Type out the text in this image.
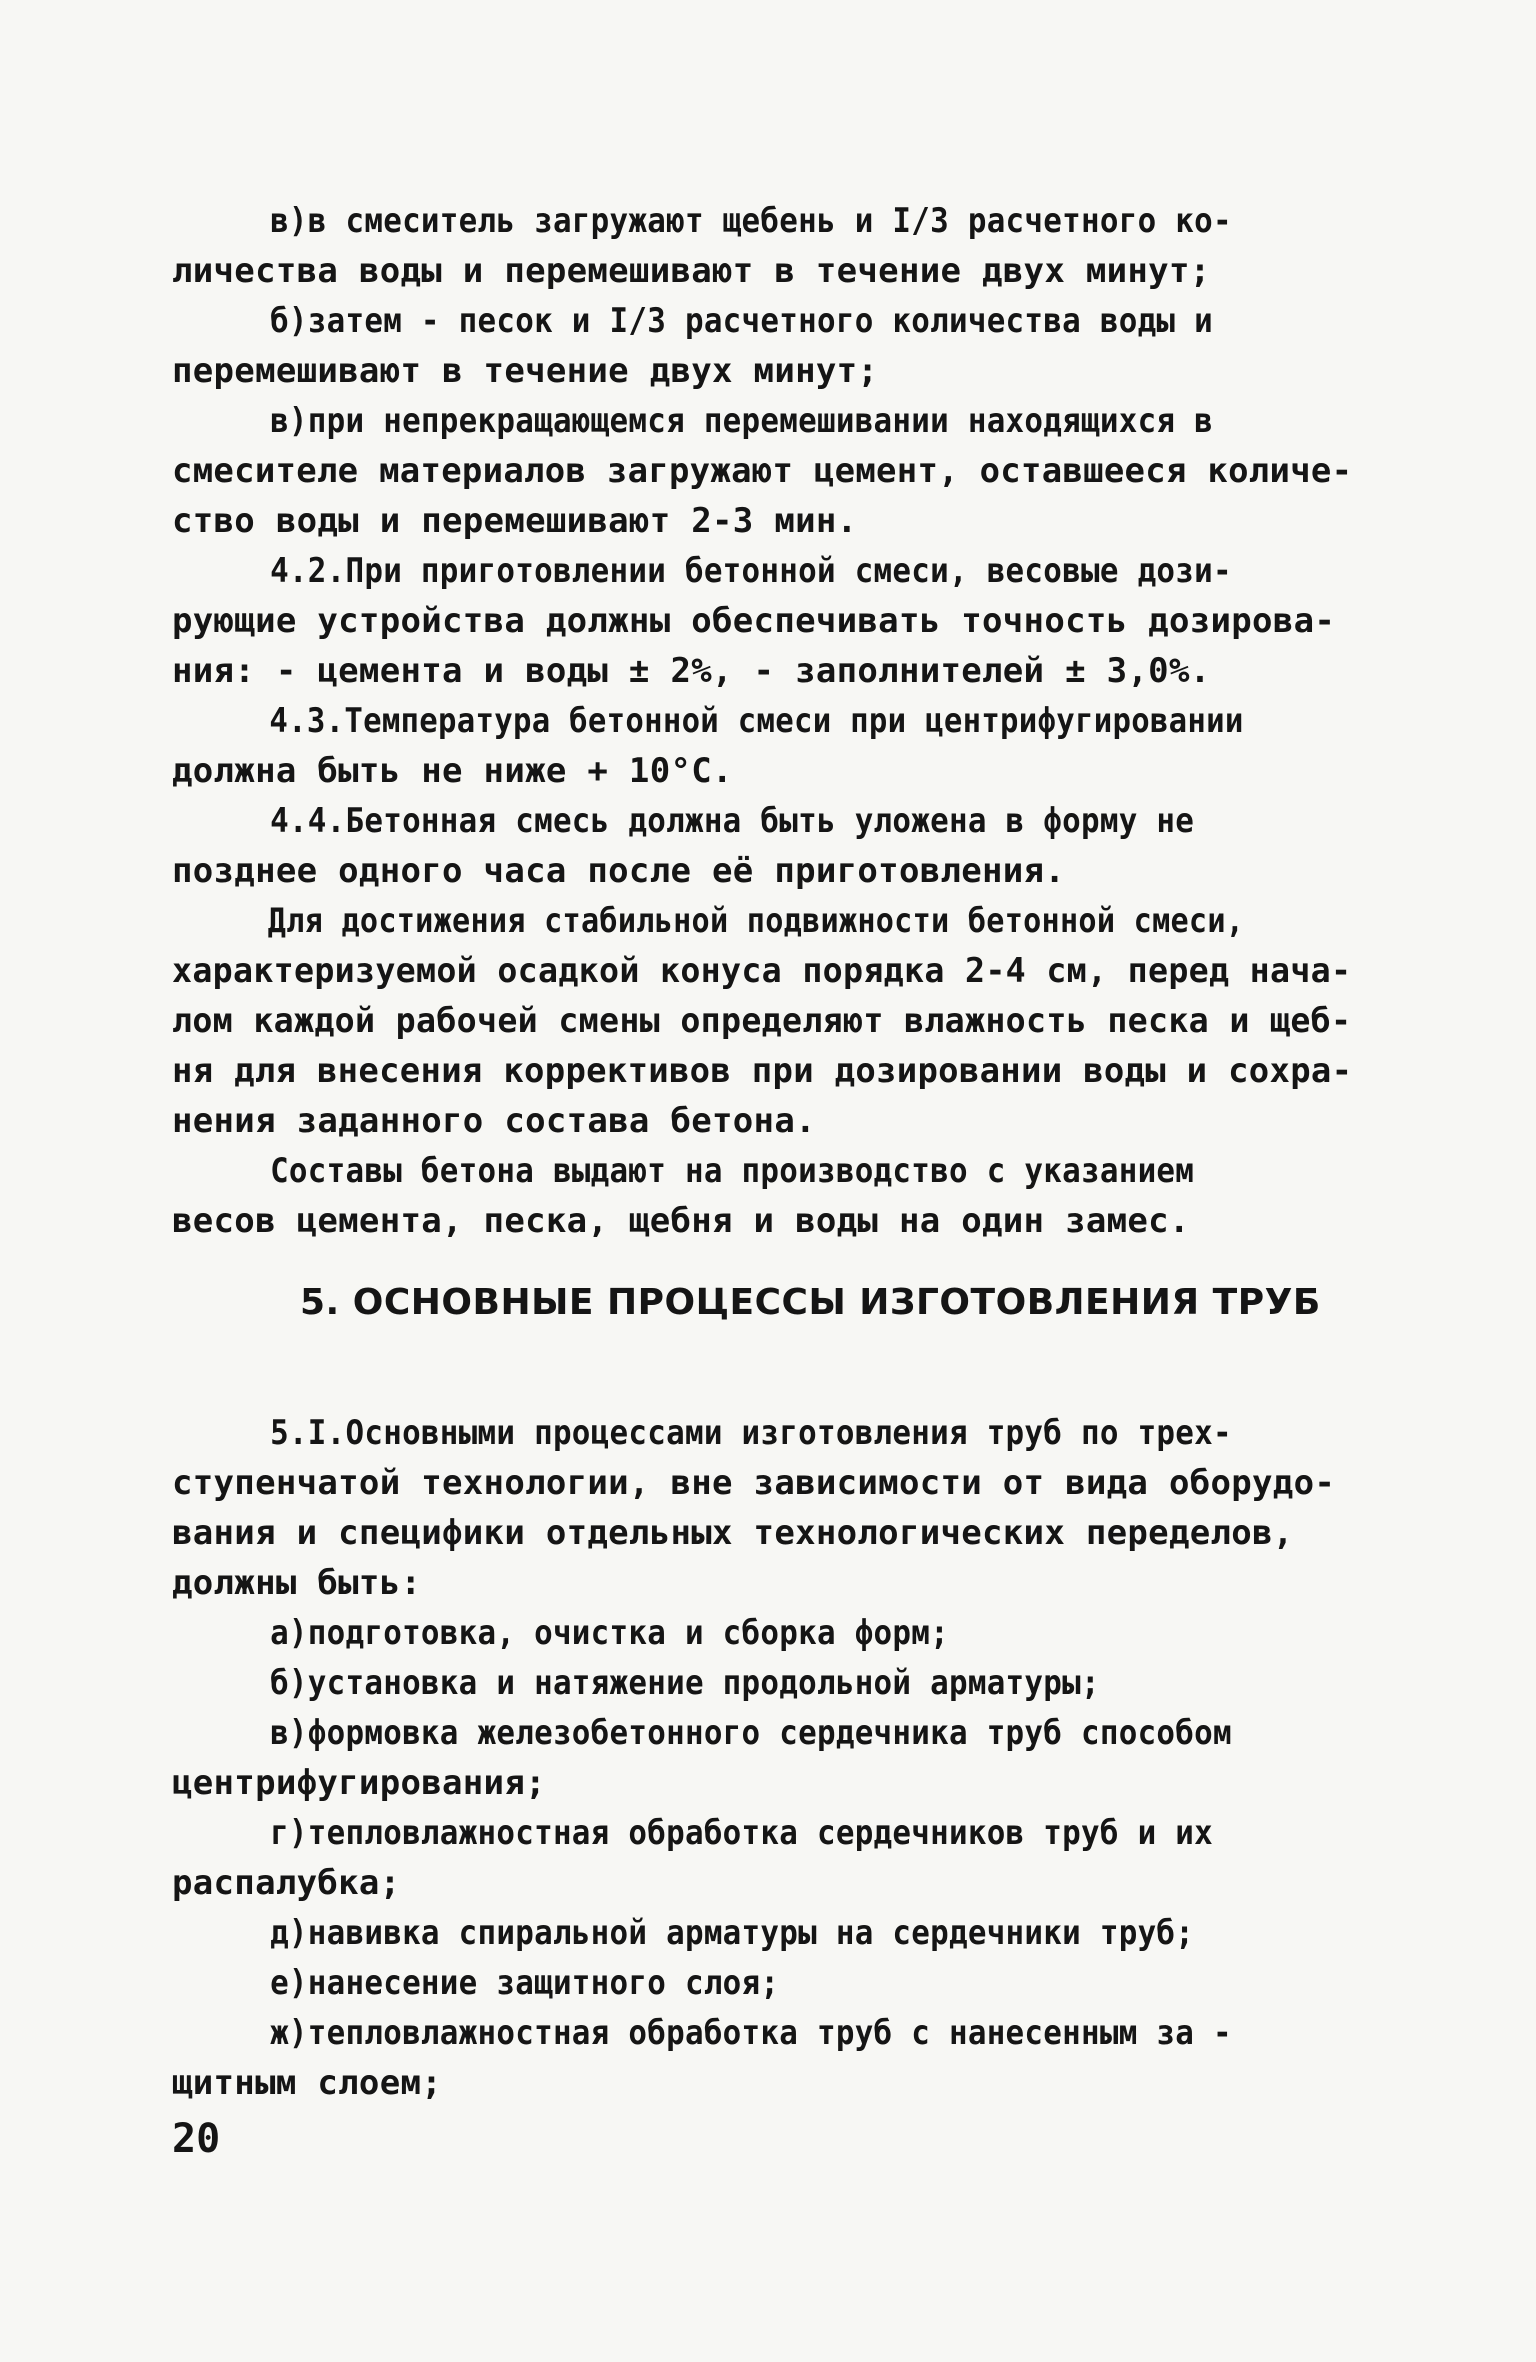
в)в смеситель загружают щебень и I/3 расчетного ко-

личества воды и перемешивают в течение двух минут;

б)затем - песок и I/3 расчетного количества воды и

перемешивают в течение двух минут;

в)при непрекращающемся перемешивании находящихся в

смесителе материалов загружают цемент, оставшееся количе-

ство воды и перемешивают 2-3 мин.

4.2.При приготовлении бетонной смеси, весовые дози-

рующие устройства должны обеспечивать точность дозирова-

ния: - цемента и воды ± 2%, - заполнителей ± 3,0%.

4.3.Температура бетонной смеси при центрифугировании

должна быть не ниже + 10°С.

4.4.Бетонная смесь должна быть уложена в форму не

позднее одного часа после её приготовления.

Для достижения стабильной подвижности бетонной смеси,

характеризуемой осадкой конуса порядка 2-4 см, перед нача-

лом каждой рабочей смены определяют влажность песка и щеб-

ня для внесения коррективов при дозировании воды и сохра-

нения заданного состава бетона.

Составы бетона выдают на производство с указанием

весов цемента, песка, щебня и воды на один замес.

5. ОСНОВНЫЕ ПРОЦЕССЫ ИЗГОТОВЛЕНИЯ ТРУБ

5.I.Основными процессами изготовления труб по трех-

ступенчатой технологии, вне зависимости от вида оборудо-

вания и специфики отдельных технологических переделов,

должны быть:

а)подготовка, очистка и сборка форм;

б)установка и натяжение продольной арматуры;

в)формовка железобетонного сердечника труб способом

центрифугирования;

г)тепловлажностная обработка сердечников труб и их

распалубка;

д)навивка спиральной арматуры на сердечники труб;

е)нанесение защитного слоя;

ж)тепловлажностная обработка труб с нанесенным за -

щитным слоем;

20
